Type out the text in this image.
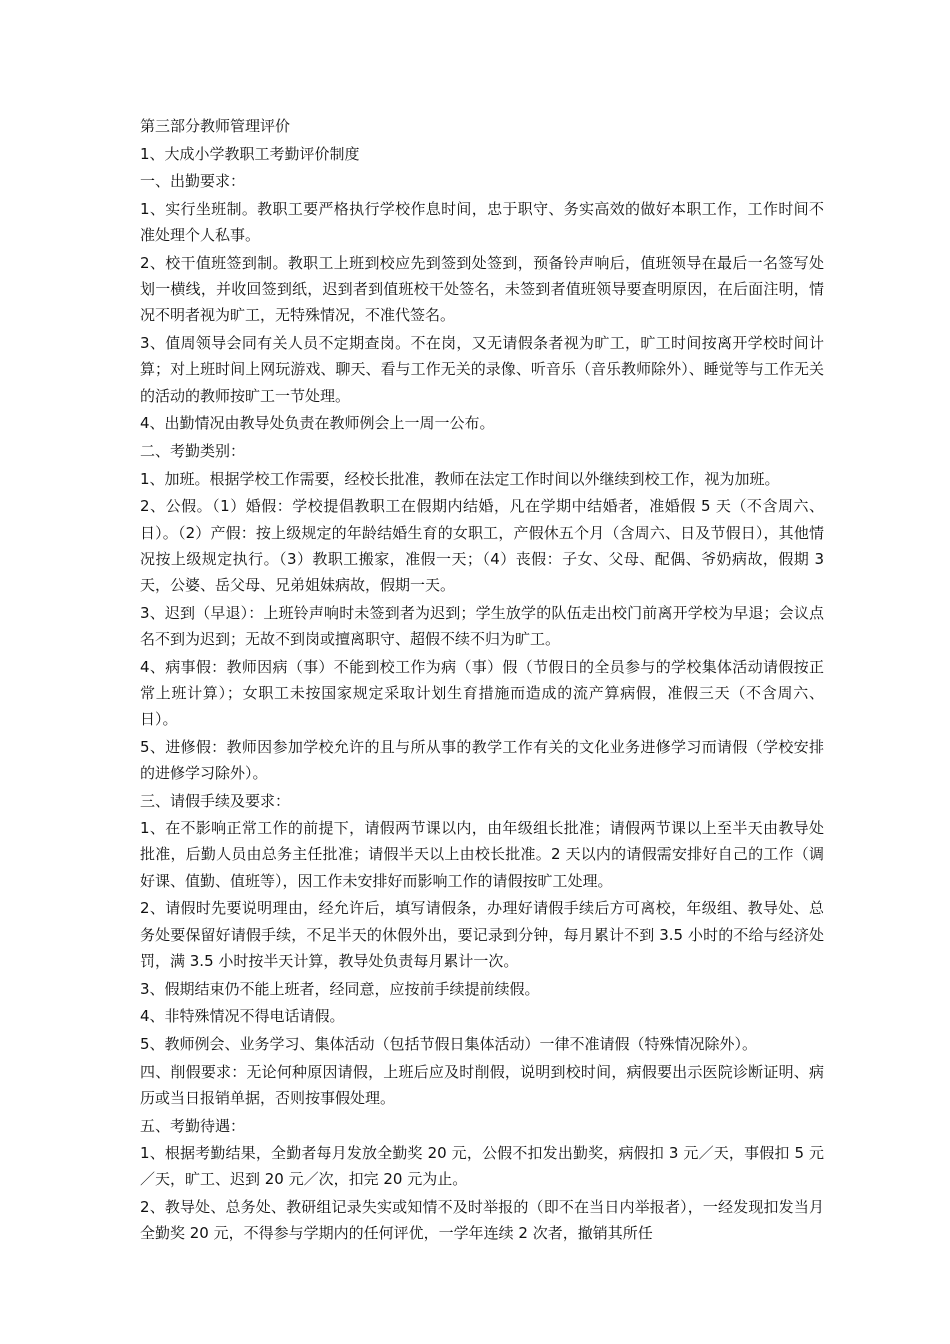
第三部分教师管理评价

1、大成小学教职工考勤评价制度

一、出勤要求：

1、实行坐班制。教职工要严格执行学校作息时间，忠于职守、务实高效的做好本职工作，工作时间不准处理个人私事。

2、校干值班签到制。教职工上班到校应先到签到处签到，预备铃声响后，值班领导在最后一名签写处划一横线，并收回签到纸，迟到者到值班校干处签名，未签到者值班领导要查明原因，在后面注明，情况不明者视为旷工，无特殊情况，不准代签名。

3、值周领导会同有关人员不定期查岗。不在岗，又无请假条者视为旷工，旷工时间按离开学校时间计算；对上班时间上网玩游戏、聊天、看与工作无关的录像、听音乐（音乐教师除外）、睡觉等与工作无关的活动的教师按旷工一节处理。

4、出勤情况由教导处负责在教师例会上一周一公布。

二、考勤类别：

1、加班。根据学校工作需要，经校长批准，教师在法定工作时间以外继续到校工作，视为加班。

2、公假。（1）婚假：学校提倡教职工在假期内结婚，凡在学期中结婚者，准婚假 5 天（不含周六、日）。（2）产假：按上级规定的年龄结婚生育的女职工，产假休五个月（含周六、日及节假日），其他情况按上级规定执行。（3）教职工搬家，准假一天；（4）丧假：子女、父母、配偶、爷奶病故，假期 3 天，公婆、岳父母、兄弟姐妹病故，假期一天。

3、迟到（早退）：上班铃声响时未签到者为迟到；学生放学的队伍走出校门前离开学校为早退；会议点名不到为迟到；无故不到岗或擅离职守、超假不续不归为旷工。

4、病事假：教师因病（事）不能到校工作为病（事）假（节假日的全员参与的学校集体活动请假按正常上班计算）；女职工未按国家规定采取计划生育措施而造成的流产算病假，准假三天（不含周六、日）。

5、进修假：教师因参加学校允许的且与所从事的教学工作有关的文化业务进修学习而请假（学校安排的进修学习除外）。

三、请假手续及要求：

1、在不影响正常工作的前提下，请假两节课以内，由年级组长批准；请假两节课以上至半天由教导处批准，后勤人员由总务主任批准；请假半天以上由校长批准。2 天以内的请假需安排好自己的工作（调好课、值勤、值班等），因工作未安排好而影响工作的请假按旷工处理。

2、请假时先要说明理由，经允许后，填写请假条，办理好请假手续后方可离校，年级组、教导处、总务处要保留好请假手续，不足半天的休假外出，要记录到分钟，每月累计不到 3.5 小时的不给与经济处罚，满 3.5 小时按半天计算，教导处负责每月累计一次。

3、假期结束仍不能上班者，经同意，应按前手续提前续假。

4、非特殊情况不得电话请假。

5、教师例会、业务学习、集体活动（包括节假日集体活动）一律不准请假（特殊情况除外）。

四、削假要求：无论何种原因请假，上班后应及时削假，说明到校时间，病假要出示医院诊断证明、病历或当日报销单据，否则按事假处理。

五、考勤待遇：

1、根据考勤结果，全勤者每月发放全勤奖 20 元，公假不扣发出勤奖，病假扣 3 元／天，事假扣 5 元／天，旷工、迟到 20 元／次，扣完 20 元为止。

2、教导处、总务处、教研组记录失实或知情不及时举报的（即不在当日内举报者），一经发现扣发当月全勤奖 20 元，不得参与学期内的任何评优，一学年连续 2 次者，撤销其所任
